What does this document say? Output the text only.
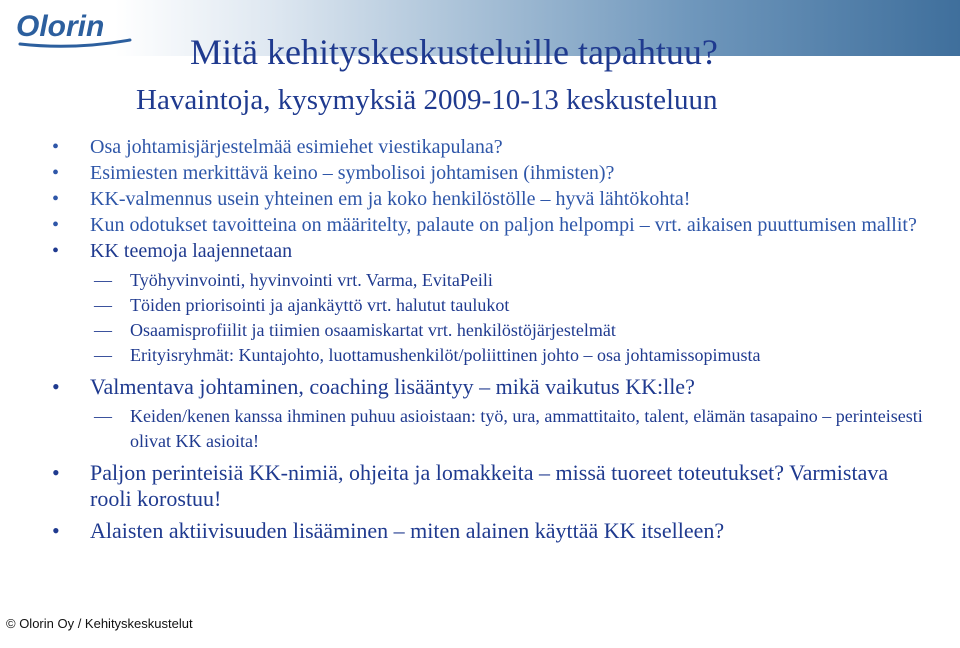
Olorin
Mitä kehityskeskusteluille tapahtuu?
Havaintoja, kysymyksiä 2009-10-13 keskusteluun

• Osa johtamisjärjestelmää esimiehet viestikapulana?

• Esimiesten merkittävä keino – symbolisoi johtamisen (ihmisten)?

• KK-valmennus usein yhteinen em ja koko henkilöstölle – hyvä lähtökohta!

• Kun odotukset tavoitteina on määritelty, palaute on paljon helpompi – vrt. aikaisen puuttumisen mallit?

• KK teemoja laajennetaan

— Työhyvinvointi, hyvinvointi vrt. Varma, EvitaPeili

— Töiden priorisointi ja ajankäyttö vrt. halutut taulukot

— Osaamisprofiilit ja tiimien osaamiskartat vrt. henkilöstöjärjestelmät

— Erityisryhmät: Kuntajohto, luottamushenkilöt/poliittinen johto – osa johtamissopimusta

• Valmentava johtaminen, coaching lisääntyy – mikä vaikutus KK:lle?

— Keiden/kenen kanssa ihminen puhuu asioistaan: työ, ura, ammattitaito, talent, elämän tasapaino – perinteisesti olivat KK asioita!

• Paljon perinteisiä KK-nimiä, ohjeita ja lomakkeita – missä tuoreet toteutukset? Varmistava rooli korostuu!

• Alaisten aktiivisuuden lisääminen – miten alainen käyttää KK itselleen?

© Olorin Oy / Kehityskeskustelut
